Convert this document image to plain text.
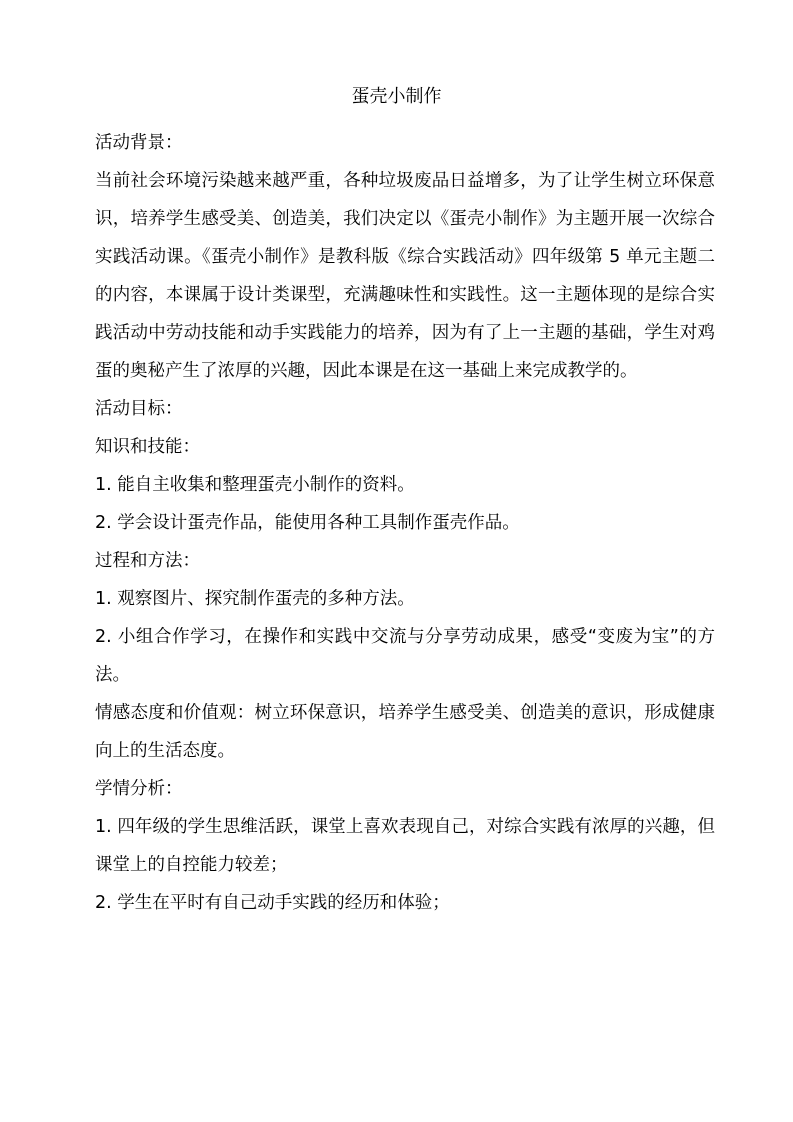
蛋壳小制作

活动背景：

当前社会环境污染越来越严重，各种垃圾废品日益增多，为了让学生树立环保意识，培养学生感受美、创造美，我们决定以《蛋壳小制作》为主题开展一次综合实践活动课。《蛋壳小制作》是教科版《综合实践活动》四年级第 5 单元主题二的内容，本课属于设计类课型，充满趣味性和实践性。这一主题体现的是综合实践活动中劳动技能和动手实践能力的培养，因为有了上一主题的基础，学生对鸡蛋的奥秘产生了浓厚的兴趣，因此本课是在这一基础上来完成教学的。

活动目标：

知识和技能：

1. 能自主收集和整理蛋壳小制作的资料。

2. 学会设计蛋壳作品，能使用各种工具制作蛋壳作品。

过程和方法：

1. 观察图片、探究制作蛋壳的多种方法。

2. 小组合作学习，在操作和实践中交流与分享劳动成果，感受“变废为宝”的方法。

情感态度和价值观：树立环保意识，培养学生感受美、创造美的意识，形成健康向上的生活态度。

学情分析：

1. 四年级的学生思维活跃，课堂上喜欢表现自己，对综合实践有浓厚的兴趣，但课堂上的自控能力较差；

2. 学生在平时有自己动手实践的经历和体验；
